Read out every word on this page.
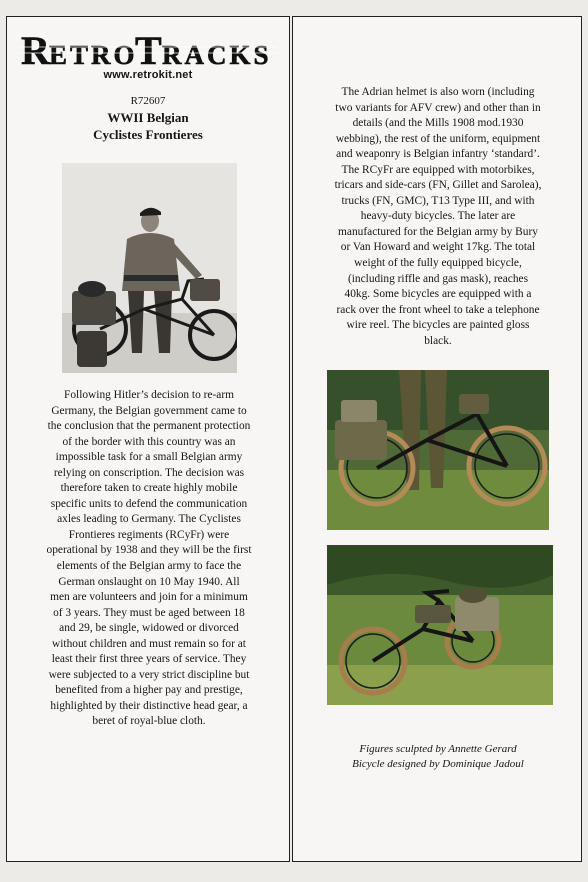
R ETRO
T RACKS
www.retrokit.net
R72607
WWII Belgian
Cyclistes Frontieres
Following Hitler’s decision to re-arm
Germany, the Belgian government came to
the conclusion that the permanent protection
of the border with this country was an
impossible task for a small Belgian army
relying on conscription. The decision was
therefore taken to create highly mobile
specific units to defend the communication
axles leading to Germany. The Cyclistes
Frontieres regiments (RCyFr) were
operational by 1938 and they will be the first
elements of the Belgian army to face the
German onslaught on 10 May 1940. All
men are volunteers and join for a minimum
of 3 years. They must be aged between 18
and 29, be single, widowed or divorced
without children and must remain so for at
least their first three years of service. They
were subjected to a very strict discipline but
benefited from a higher pay and prestige,
highlighted by their distinctive head gear, a
beret of royal-blue cloth.
The Adrian helmet is also worn (including
two variants for AFV crew) and other than in
details (and the Mills 1908 mod.1930
webbing), the rest of the uniform, equipment
and weaponry is Belgian infantry ‘standard’.
The RCyFr are equipped with motorbikes,
tricars and side-cars (FN, Gillet and Sarolea),
trucks (FN, GMC), T13 Type III, and with
heavy-duty bicycles. The later are
manufactured for the Belgian army by Bury
or Van Howard and weight 17kg. The total
weight of the fully equipped bicycle,
(including riffle and gas mask), reaches
40kg. Some bicycles are equipped with a
rack over the front wheel to take a telephone
wire reel. The bicycles are painted gloss
black.
Figures sculpted by Annette Gerard
Bicycle designed by Dominique Jadoul
